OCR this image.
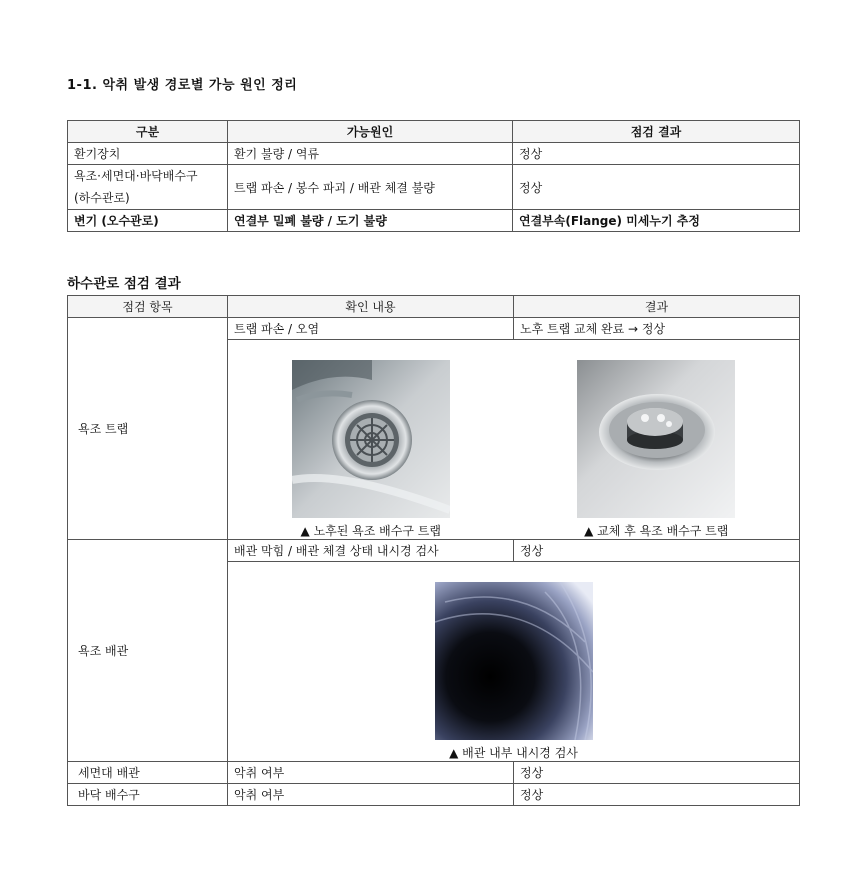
1-1. 악취 발생 경로별 가능 원인 정리
구분	가능원인	점검 결과
환기장치	환기 불량 / 역류	정상
욕조·세면대·바닥배수구
(하수관로)	트랩 파손 / 봉수 파괴 / 배관 체결 불량	정상
변기 (오수관로)	연결부 밀폐 불량 / 도기 불량	연결부속(Flange) 미세누기 추정
하수관로 점검 결과
점검 항목	확인 내용	결과
욕조 트랩	트랩 파손 / 오염	노후 트랩 교체 완료 → 정상

	▲ 노후된 욕조 배수구 트랩 ▲ 교체 후 욕조 배수구 트랩	

욕조 배관	배관 막힘 / 배관 체결 상태 내시경 검사	정상

	▲ 배관 내부 내시경 검사	

세면대 배관	악취 여부	정상
바닥 배수구	악취 여부	정상
